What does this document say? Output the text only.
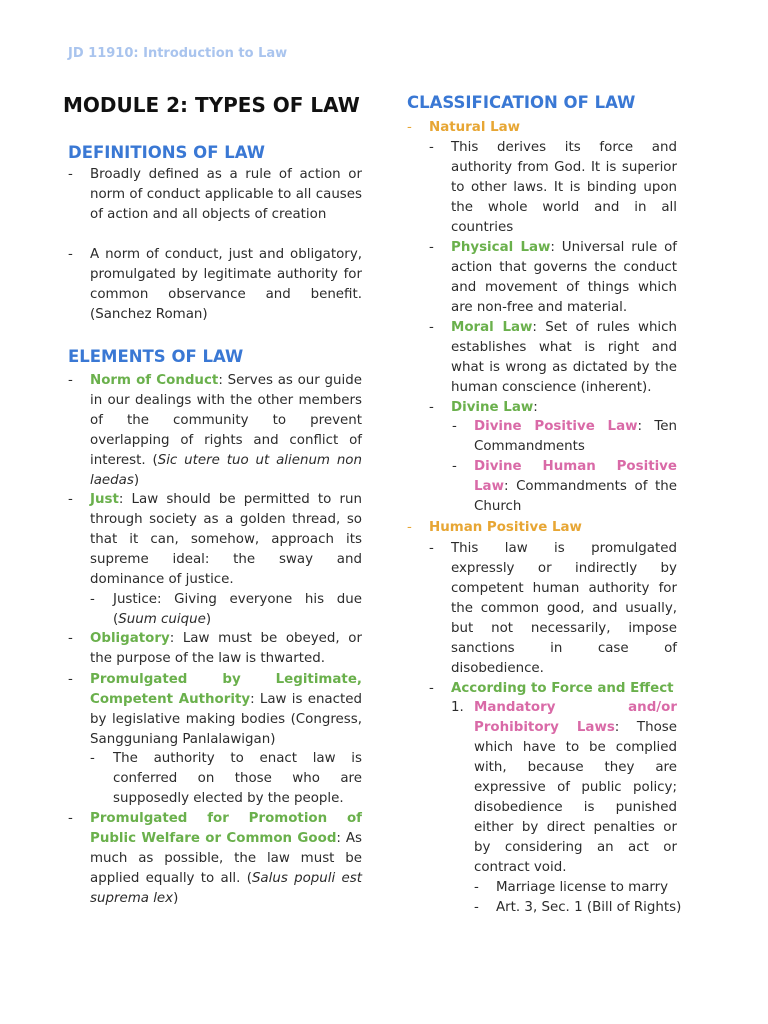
JD 11910: Introduction to Law
MODULE 2: TYPES OF LAW
DEFINITIONS OF LAW
- Broadly defined as a rule of action or norm of conduct applicable to all causes of action and all objects of creation
- A norm of conduct, just and obligatory, promulgated by legitimate authority for common observance and benefit. (Sanchez Roman)
ELEMENTS OF LAW
- Norm of Conduct: Serves as our guide in our dealings with the other members of the community to prevent overlapping of rights and conflict of interest. (Sic utere tuo ut alienum non laedas)
- Just: Law should be permitted to run through society as a golden thread, so that it can, somehow, approach its supreme ideal: the sway and dominance of justice.
- Justice: Giving everyone his due (Suum cuique)
- Obligatory: Law must be obeyed, or the purpose of the law is thwarted.
- Promulgated by Legitimate, Competent Authority: Law is enacted by legislative making bodies (Congress, Sangguniang Panlalawigan)
- The authority to enact law is conferred on those who are supposedly elected by the people.
- Promulgated for Promotion of Public Welfare or Common Good: As much as possible, the law must be applied equally to all. (Salus populi est suprema lex)
CLASSIFICATION OF LAW
- Natural Law
- This derives its force and authority from God. It is superior to other laws. It is binding upon the whole world and in all countries
- Physical Law: Universal rule of action that governs the conduct and movement of things which are non-free and material.
- Moral Law: Set of rules which establishes what is right and what is wrong as dictated by the human conscience (inherent).
- Divine Law:
- Divine Positive Law: Ten Commandments
- Divine Human Positive Law: Commandments of the Church
- Human Positive Law
- This law is promulgated expressly or indirectly by competent human authority for the common good, and usually, but not necessarily, impose sanctions in case of disobedience.
- According to Force and Effect
1. Mandatory and/or Prohibitory Laws: Those which have to be complied with, because they are expressive of public policy; disobedience is punished either by direct penalties or by considering an act or contract void.
- Marriage license to marry
- Art. 3, Sec. 1 (Bill of Rights)
